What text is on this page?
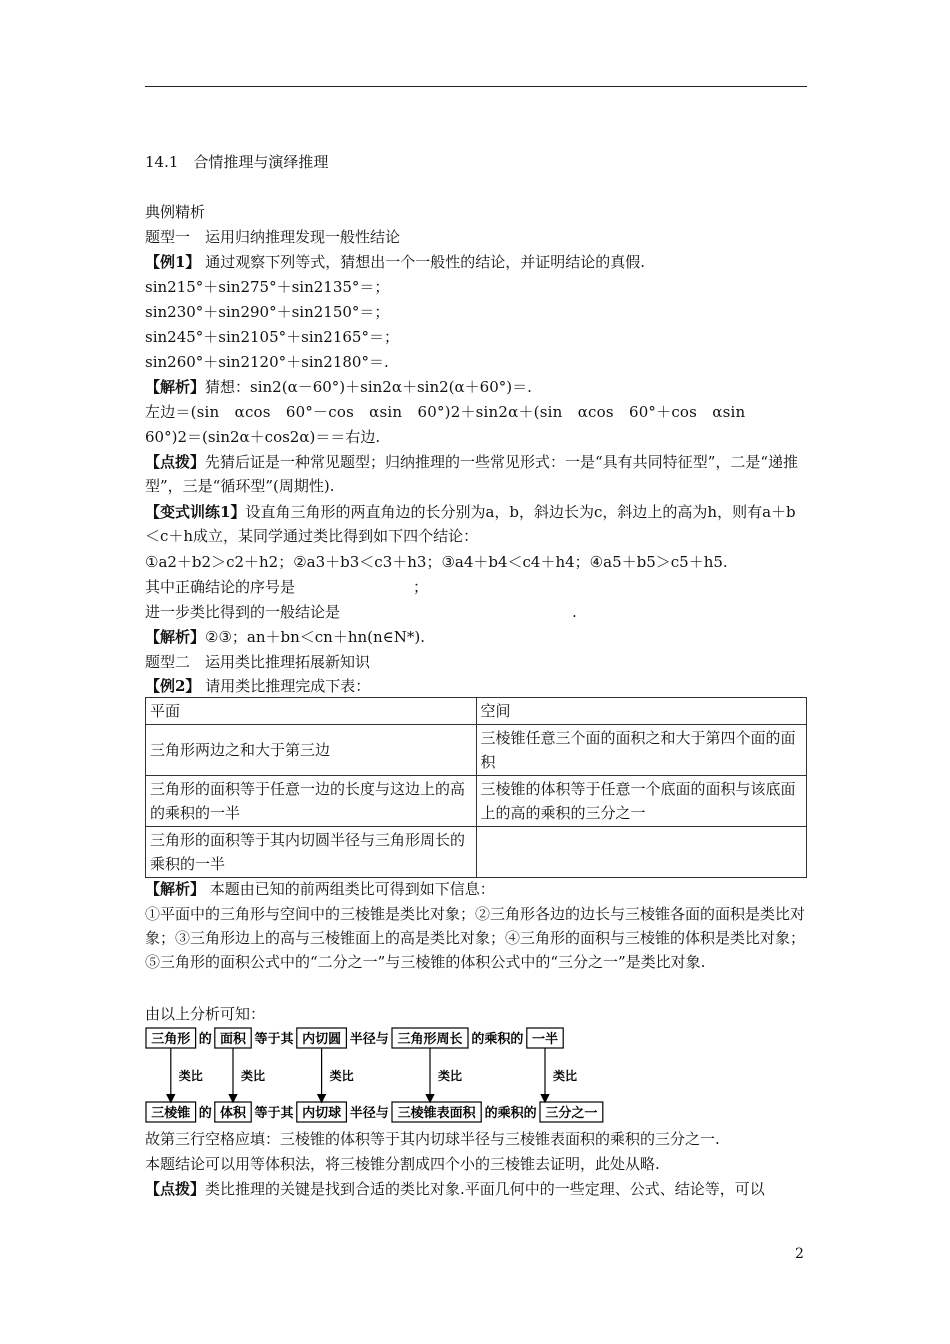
14.1　合情推理与演绎推理
典例精析
题型一　运用归纳推理发现一般性结论
【例1】 通过观察下列等式，猜想出一个一般性的结论，并证明结论的真假.
sin215°＋sin275°＋sin2135°＝；
sin230°＋sin290°＋sin2150°＝；
sin245°＋sin2105°＋sin2165°＝；
sin260°＋sin2120°＋sin2180°＝.
【解析】猜想：sin2(α－60°)＋sin2α＋sin2(α＋60°)＝.
左边＝(sin　αcos　60°－cos　αsin　60°)2＋sin2α＋(sin　αcos　60°＋cos　αsin
60°)2＝(sin2α＋cos2α)＝＝右边.
【点拨】先猜后证是一种常见题型；归纳推理的一些常见形式：一是“具有共同特征型”，二是“递推型”，三是“循环型”(周期性).
【变式训练1】设直角三角形的两直角边的长分别为a，b，斜边长为c，斜边上的高为h，则有a＋b＜c＋h成立，某同学通过类比得到如下四个结论：
①a2＋b2＞c2＋h2；②a3＋b3＜c3＋h3；③a4＋b4＜c4＋h4；④a5＋b5＞c5＋h5.
其中正确结论的序号是	；
进一步类比得到的一般结论是	.
【解析】②③；an＋bn＜cn＋hn(n∈N*).
题型二　运用类比推理拓展新知识
【例2】 请用类比推理完成下表：
平面	空间
三角形两边之和大于第三边	三棱锥任意三个面的面积之和大于第四个面的面积
三角形的面积等于任意一边的长度与这边上的高的乘积的一半	三棱锥的体积等于任意一个底面的面积与该底面上的高的乘积的三分之一
三角形的面积等于其内切圆半径与三角形周长的乘积的一半	
【解析】 本题由已知的前两组类比可得到如下信息：
①平面中的三角形与空间中的三棱锥是类比对象；②三角形各边的边长与三棱锥各面的面积是类比对象；③三角形边上的高与三棱锥面上的高是类比对象；④三角形的面积与三棱锥的体积是类比对象；⑤三角形的面积公式中的“二分之一”与三棱锥的体积公式中的“三分之一”是类比对象.
由以上分析可知：
三角形 的 面积 等于其 内切圆 半径与 三角形周长 的乘积的 一半
三棱锥 的 体积 等于其 内切球 半径与 三棱锥表面积 的乘积的 三分之一
类比	类比	类比	类比	类比
故第三行空格应填：三棱锥的体积等于其内切球半径与三棱锥表面积的乘积的三分之一.
本题结论可以用等体积法，将三棱锥分割成四个小的三棱锥去证明，此处从略.
【点拨】类比推理的关键是找到合适的类比对象.平面几何中的一些定理、公式、结论等，可以
2
